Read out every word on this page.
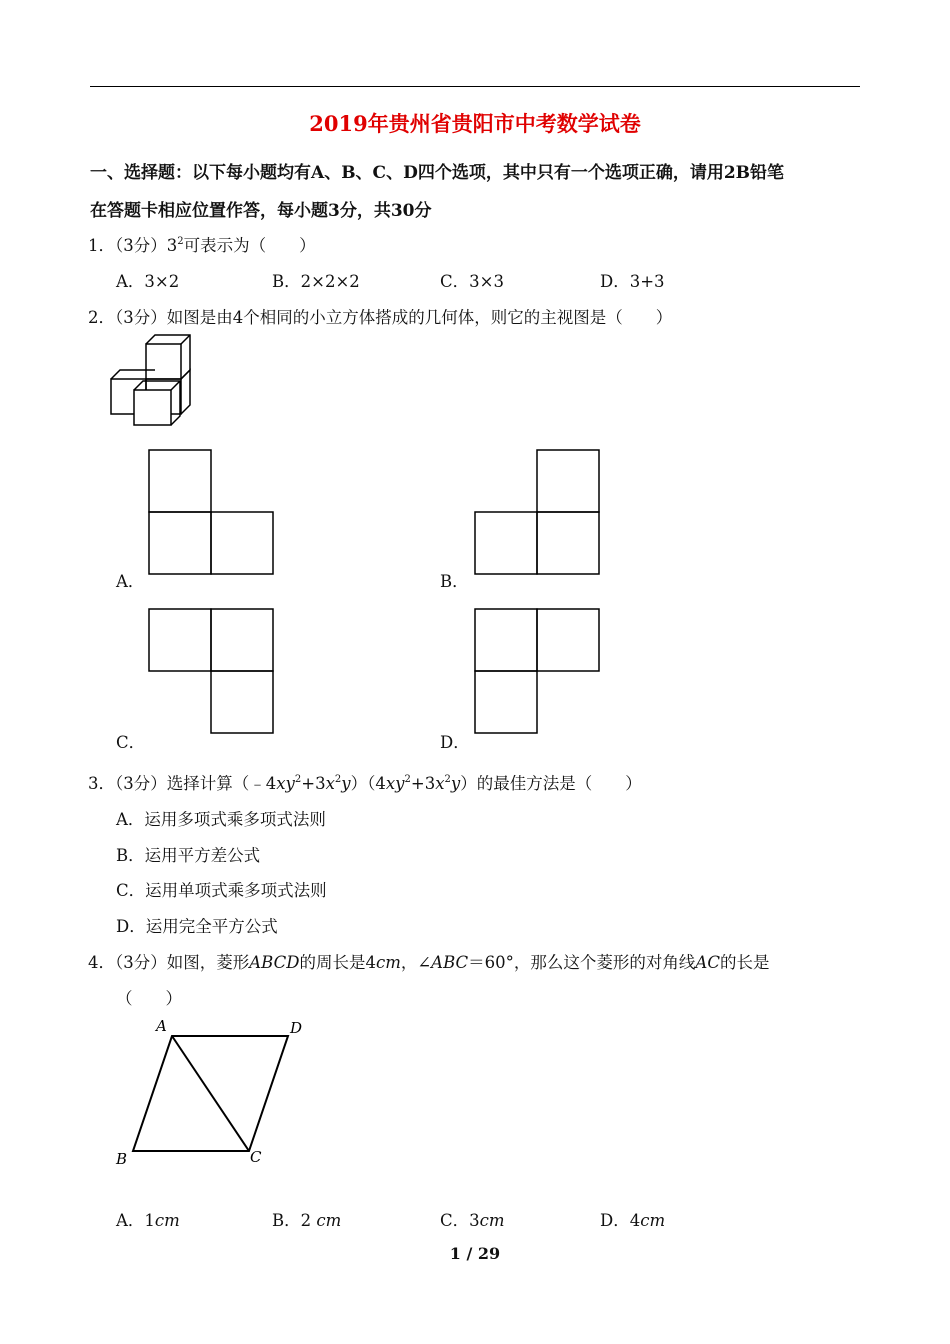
2019年贵州省贵阳市中考数学试卷
一、选择题：以下每小题均有A、B、C、D四个选项，其中只有一个选项正确，请用2B铅笔
在答题卡相应位置作答，每小题3分，共30分
1．（3分）$3^2$可表示为（　　）
A．3×2	B．2×2×2	C．3×3	D．3+3
2．（3分）如图是由4个相同的小立方体搭成的几何体，则它的主视图是（　　）
A．	B．
C．	D．
3．（3分）选择计算$(﹣4xy^2+3x^2y)(4xy^2+3x^2y)$的最佳方法是（　　）
A．运用多项式乘多项式法则
B．运用平方差公式
C．运用单项式乘多项式法则
D．运用完全平方公式
4．（3分）如图，菱形ABCD的周长是4cm，∠ABC＝60°，那么这个菱形的对角线AC的长是
（　　）
A	D
B	C
A．1cm	B．2 cm	C．3cm	D．4cm
1 / 29
